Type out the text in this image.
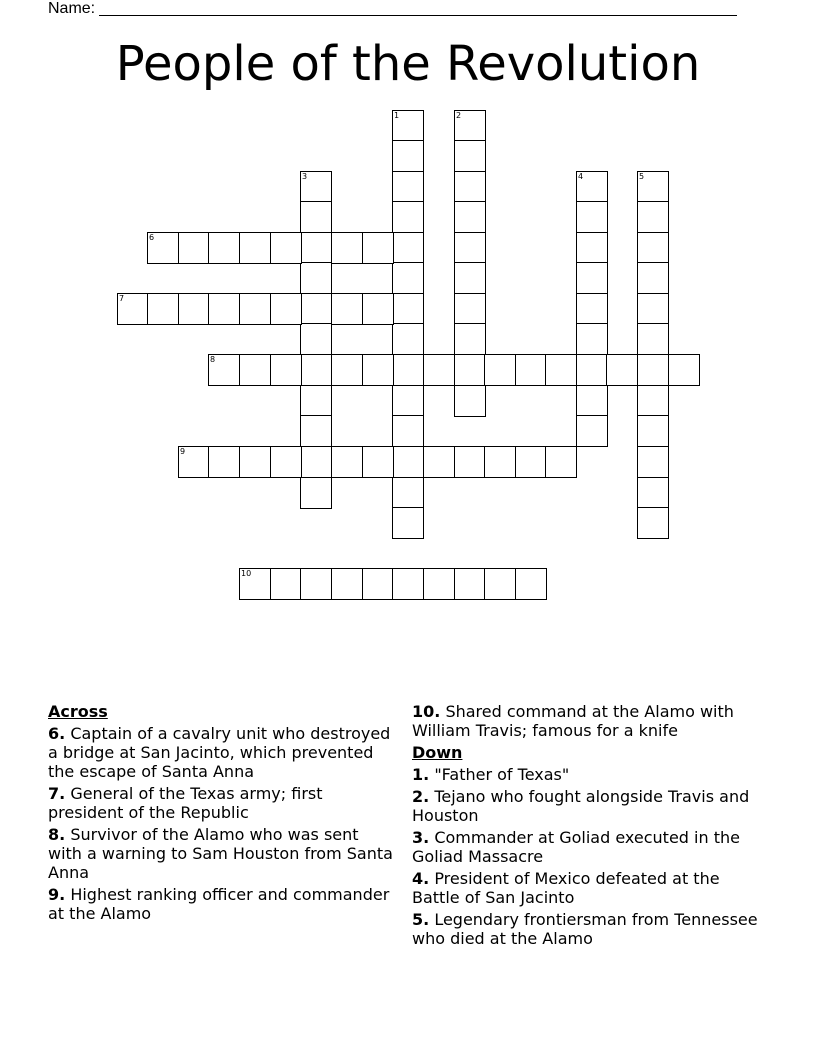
Name:
People of the Revolution
1	2
3	4	5
6
7
8
9
10
Across
6. Captain of a cavalry unit who destroyed a bridge at San Jacinto, which prevented the escape of Santa Anna
7. General of the Texas army; first president of the Republic
8. Survivor of the Alamo who was sent with a warning to Sam Houston from Santa Anna
9. Highest ranking officer and commander at the Alamo
10. Shared command at the Alamo with William Travis; famous for a knife
Down
1. "Father of Texas"
2. Tejano who fought alongside Travis and Houston
3. Commander at Goliad executed in the Goliad Massacre
4. President of Mexico defeated at the Battle of San Jacinto
5. Legendary frontiersman from Tennessee who died at the Alamo
